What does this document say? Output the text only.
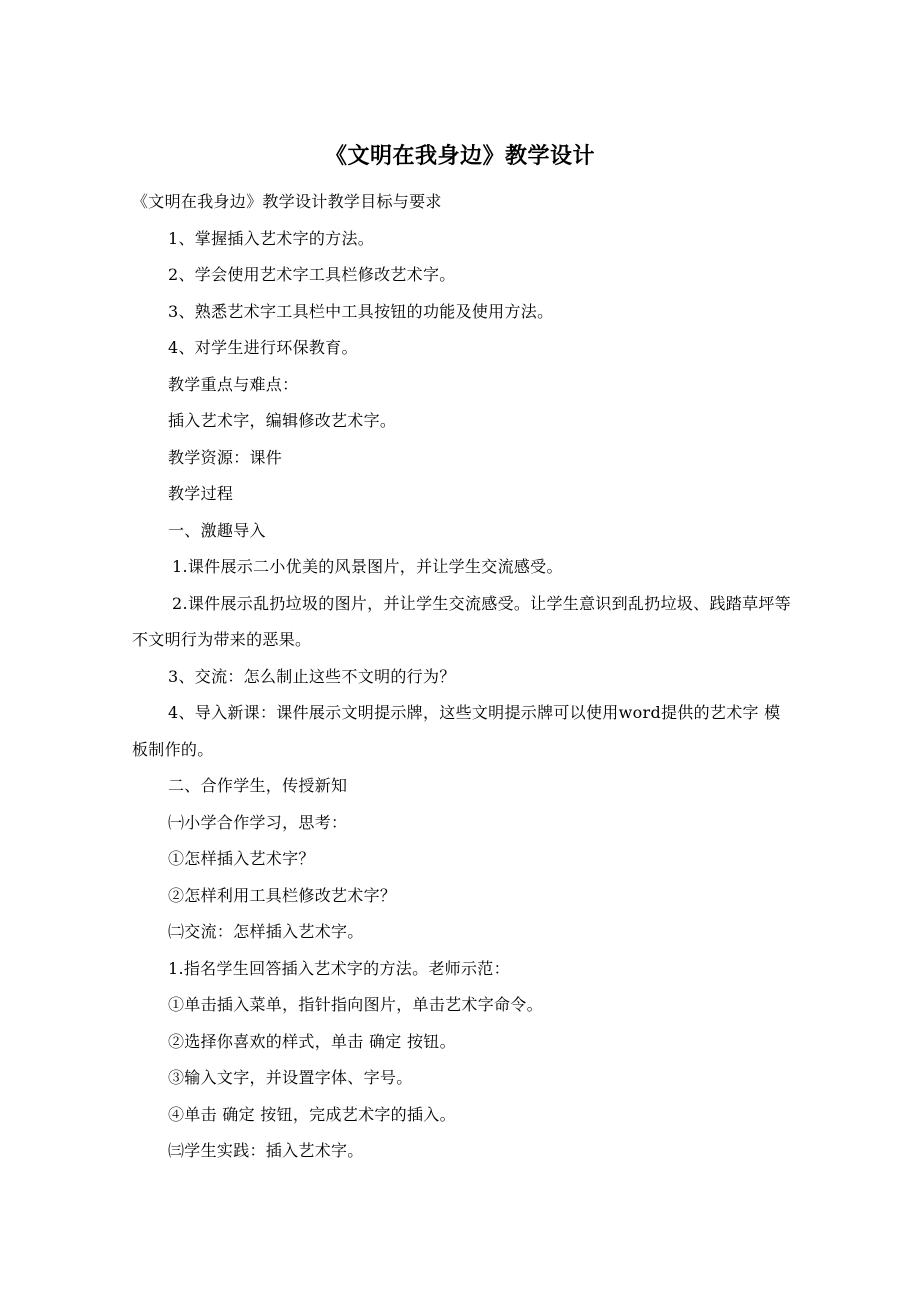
《文明在我身边》教学设计

《文明在我身边》教学设计教学目标与要求

1、掌握插入艺术字的方法。

2、学会使用艺术字工具栏修改艺术字。

3、熟悉艺术字工具栏中工具按钮的功能及使用方法。

4、对学生进行环保教育。

教学重点与难点：

插入艺术字，编辑修改艺术字。

教学资源：课件

教学过程

一、激趣导入

1.课件展示二小优美的风景图片，并让学生交流感受。

2.课件展示乱扔垃圾的图片，并让学生交流感受。让学生意识到乱扔垃圾、践踏草坪等不文明行为带来的恶果。

3、交流：怎么制止这些不文明的行为？

4、导入新课：课件展示文明提示牌，这些文明提示牌可以使用word提供的艺术字 模板制作的。

二、合作学生，传授新知

㈠小学合作学习，思考：

①怎样插入艺术字？

②怎样利用工具栏修改艺术字？

㈡交流：怎样插入艺术字。

1.指名学生回答插入艺术字的方法。老师示范：

①单击插入菜单，指针指向图片，单击艺术字命令。

②选择你喜欢的样式，单击 确定 按钮。

③输入文字，并设置字体、字号。

④单击 确定 按钮，完成艺术字的插入。

㈢学生实践：插入艺术字。
